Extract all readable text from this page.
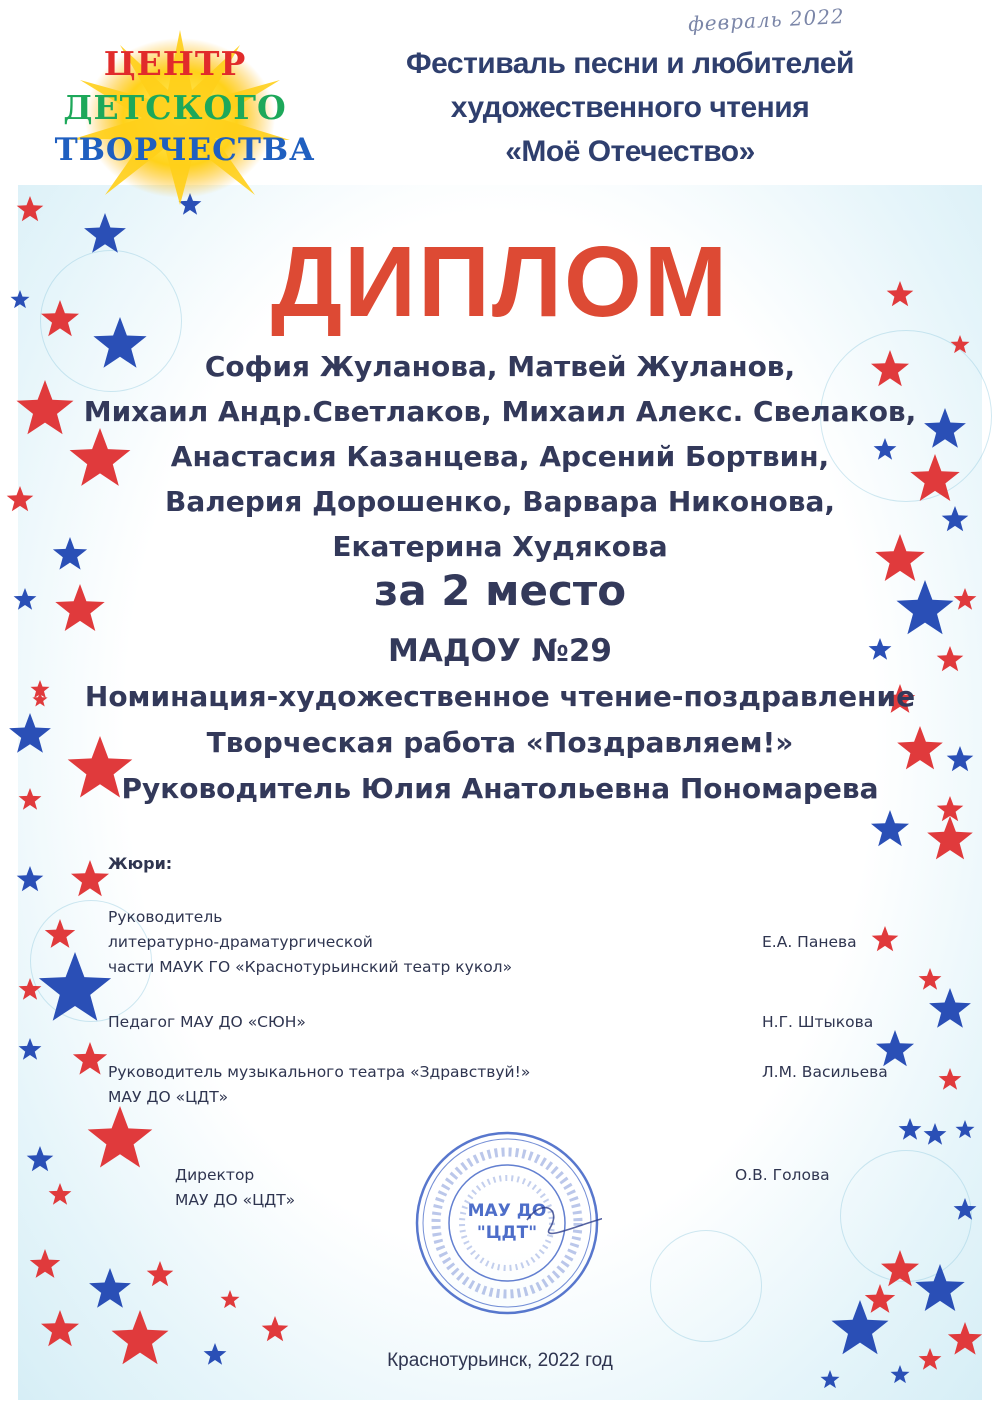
февраль 2022
ЦЕНТР
ДЕТСКОГО
ТВОРЧЕСТВА
Фестиваль песни и любителей
художественного чтения
«Моё Отечество»
ДИПЛОМ
София Жуланова, Матвей Жуланов,
Михаил Андр.Светлаков, Михаил Алекс. Свелаков,
Анастасия Казанцева, Арсений Бортвин,
Валерия Дорошенко, Варвара Никонова,
Екатерина Худякова
за 2 место
МАДОУ №29
Номинация-художественное чтение-поздравление
Творческая работа «Поздравляем!»
Руководитель Юлия Анатольевна Пономарева
Жюри:
Руководитель
литературно-драматургической
части МАУК ГО «Краснотурьинский театр кукол»
Е.А. Панева
Педагог МАУ ДО «СЮН»	Н.Г. Штыкова
Руководитель музыкального театра «Здравствуй!»
МАУ ДО «ЦДТ»
Л.М. Васильева
Директор
МАУ ДО «ЦДТ»
О.В. Голова
МАУ ДО
"ЦДТ"
Краснотурьинск, 2022 год
